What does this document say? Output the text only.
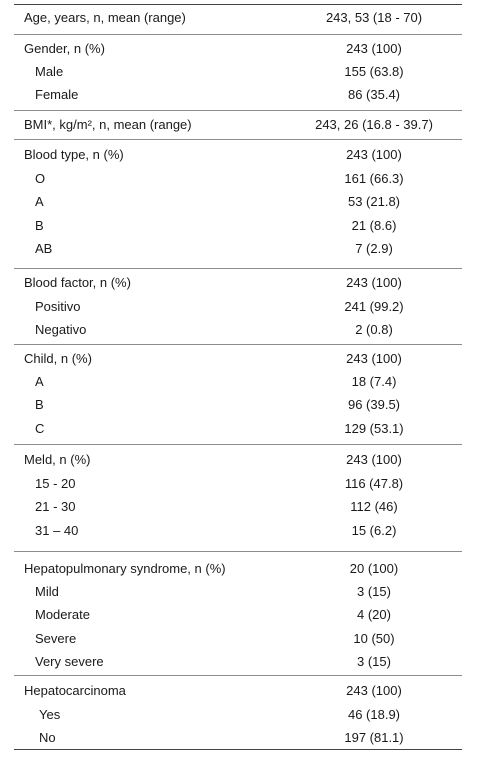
Age, years, n, mean (range)	243, 53 (18 - 70)
Gender, n (%)	243 (100)
Male	155 (63.8)
Female	86 (35.4)
BMI*, kg/m², n, mean (range)	243, 26 (16.8 - 39.7)
Blood type, n (%)	243 (100)
O	161 (66.3)
A	53 (21.8)
B	21 (8.6)
AB	7 (2.9)
Blood factor, n (%)	243 (100)
Positivo	241 (99.2)
Negativo	2 (0.8)
Child, n (%)	243 (100)
A	18 (7.4)
B	96 (39.5)
C	129 (53.1)
Meld, n (%)	243 (100)
15 - 20	116 (47.8)
21 - 30	112 (46)
31 – 40	15 (6.2)
Hepatopulmonary syndrome, n (%)	20 (100)
Mild	3 (15)
Moderate	4 (20)
Severe	10 (50)
Very severe	3 (15)
Hepatocarcinoma	243 (100)
Yes	46 (18.9)
No	197 (81.1)
